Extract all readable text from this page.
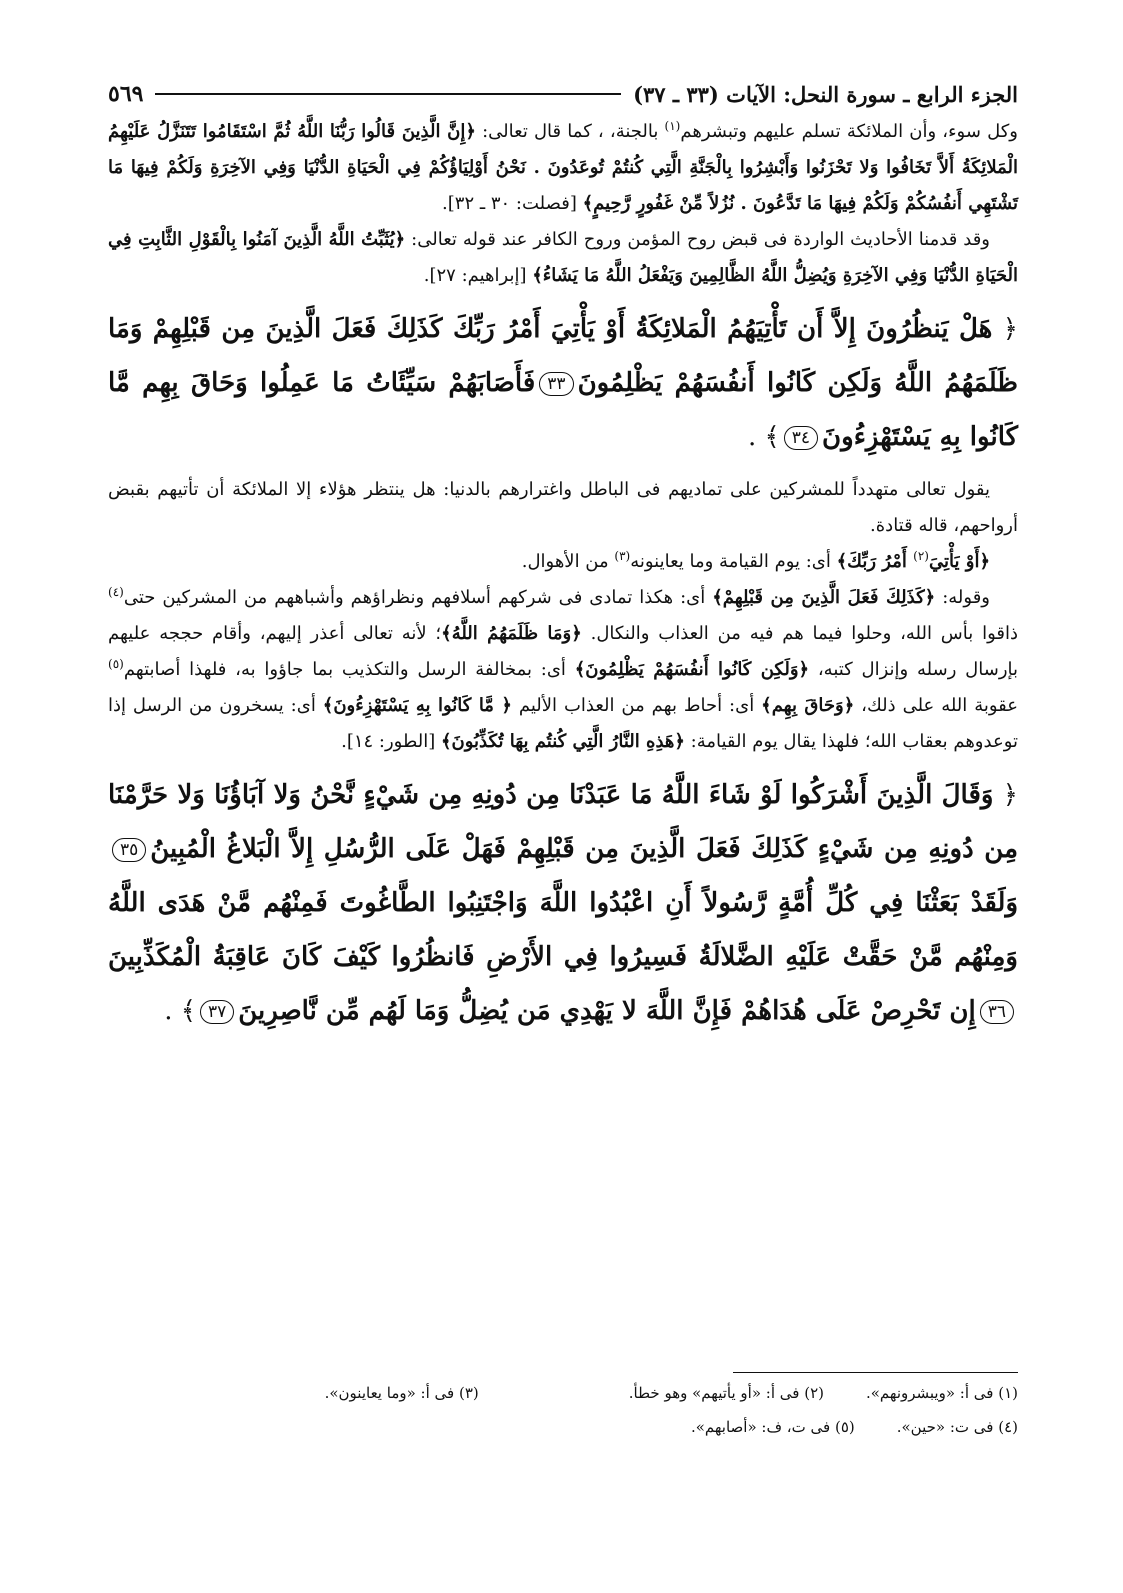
الجزء الرابع ـ سورة النحل: الآيات (٣٣ ـ ٣٧)
٥٦٩

وكل سوء، وأن الملائكة تسلم عليهم وتبشرهم$^{(١)}$ بالجنة، ، كما قال تعالى: ﴿إِنَّ الَّذِينَ قَالُوا رَبُّنَا اللَّهُ ثُمَّ اسْتَقَامُوا تَتَنَزَّلُ عَلَيْهِمُ الْمَلائِكَةُ أَلاَّ تَخَافُوا وَلا تَحْزَنُوا وَأَبْشِرُوا بِالْجَنَّةِ الَّتِي كُنتُمْ تُوعَدُونَ . نَحْنُ أَوْلِيَاؤُكُمْ فِي الْحَيَاةِ الدُّنْيَا وَفِي الآخِرَةِ وَلَكُمْ فِيهَا مَا تَشْتَهِي أَنفُسُكُمْ وَلَكُمْ فِيهَا مَا تَدَّعُونَ . نُزُلاً مِّنْ غَفُورٍ رَّحِيمٍ﴾ [فصلت: ٣٠ ـ ٣٢].

وقد قدمنا الأحاديث الواردة فى قبض روح المؤمن وروح الكافر عند قوله تعالى: ﴿يُثَبِّتُ اللَّهُ الَّذِينَ آمَنُوا بِالْقَوْلِ الثَّابِتِ فِي الْحَيَاةِ الدُّنْيَا وَفِي الآخِرَةِ وَيُضِلُّ اللَّهُ الظَّالِمِينَ وَيَفْعَلُ اللَّهُ مَا يَشَاءُ﴾ [إبراهيم: ٢٧].

﴿ هَلْ يَنظُرُونَ إِلاَّ أَن تَأْتِيَهُمُ الْمَلائِكَةُ أَوْ يَأْتِيَ أَمْرُ رَبِّكَ كَذَلِكَ فَعَلَ الَّذِينَ مِن قَبْلِهِمْ وَمَا ظَلَمَهُمُ اللَّهُ وَلَكِن كَانُوا أَنفُسَهُمْ يَظْلِمُونَ٣٣فَأَصَابَهُمْ سَيِّئَاتُ مَا عَمِلُوا وَحَاقَ بِهِم مَّا كَانُوا بِهِ يَسْتَهْزِءُونَ٣٤﴾ .

يقول تعالى متهدداً للمشركين على تماديهم فى الباطل واغترارهم بالدنيا: هل ينتظر هؤلاء إلا الملائكة أن تأتيهم بقبض أرواحهم، قاله قتادة.

﴿أَوْ يَأْتِيَ$^{(٢)}$ أَمْرُ رَبِّكَ﴾ أى: يوم القيامة وما يعاينونه$^{(٣)}$ من الأهوال.

وقوله: ﴿كَذَلِكَ فَعَلَ الَّذِينَ مِن قَبْلِهِمْ﴾ أى: هكذا تمادى فى شركهم أسلافهم ونظراؤهم وأشباههم من المشركين حتى$^{(٤)}$ ذاقوا بأس الله، وحلوا فيما هم فيه من العذاب والنكال. ﴿وَمَا ظَلَمَهُمُ اللَّهُ﴾؛ لأنه تعالى أعذر إليهم، وأقام حججه عليهم بإرسال رسله وإنزال كتبه، ﴿وَلَكِن كَانُوا أَنفُسَهُمْ يَظْلِمُونَ﴾ أى: بمخالفة الرسل والتكذيب بما جاؤوا به، فلهذا أصابتهم$^{(٥)}$ عقوبة الله على ذلك، ﴿وَحَاقَ بِهِم﴾ أى: أحاط بهم من العذاب الأليم ﴿ مَّا كَانُوا بِهِ يَسْتَهْزِءُونَ﴾ أى: يسخرون من الرسل إذا توعدوهم بعقاب الله؛ فلهذا يقال يوم القيامة: ﴿هَذِهِ النَّارُ الَّتِي كُنتُم بِهَا تُكَذِّبُونَ﴾ [الطور: ١٤].

﴿ وَقَالَ الَّذِينَ أَشْرَكُوا لَوْ شَاءَ اللَّهُ مَا عَبَدْنَا مِن دُونِهِ مِن شَيْءٍ نَّحْنُ وَلا آبَاؤُنَا وَلا حَرَّمْنَا مِن دُونِهِ مِن شَيْءٍ كَذَلِكَ فَعَلَ الَّذِينَ مِن قَبْلِهِمْ فَهَلْ عَلَى الرُّسُلِ إِلاَّ الْبَلاغُ الْمُبِينُ٣٥وَلَقَدْ بَعَثْنَا فِي كُلِّ أُمَّةٍ رَّسُولاً أَنِ اعْبُدُوا اللَّهَ وَاجْتَنِبُوا الطَّاغُوتَ فَمِنْهُم مَّنْ هَدَى اللَّهُ وَمِنْهُم مَّنْ حَقَّتْ عَلَيْهِ الضَّلالَةُ فَسِيرُوا فِي الأَرْضِ فَانظُرُوا كَيْفَ كَانَ عَاقِبَةُ الْمُكَذِّبِينَ٣٦إِن تَحْرِصْ عَلَى هُدَاهُمْ فَإِنَّ اللَّهَ لا يَهْدِي مَن يُضِلُّ وَمَا لَهُم مِّن نَّاصِرِينَ٣٧﴾ .

(١) فى أ: «ويبشرونهم».
(٢) فى أ: «أو يأتيهم» وهو خطأ.
(٣) فى أ: «وما يعاينون».
(٤) فى ت: «حين».
(٥) فى ت، ف: «أصابهم».
